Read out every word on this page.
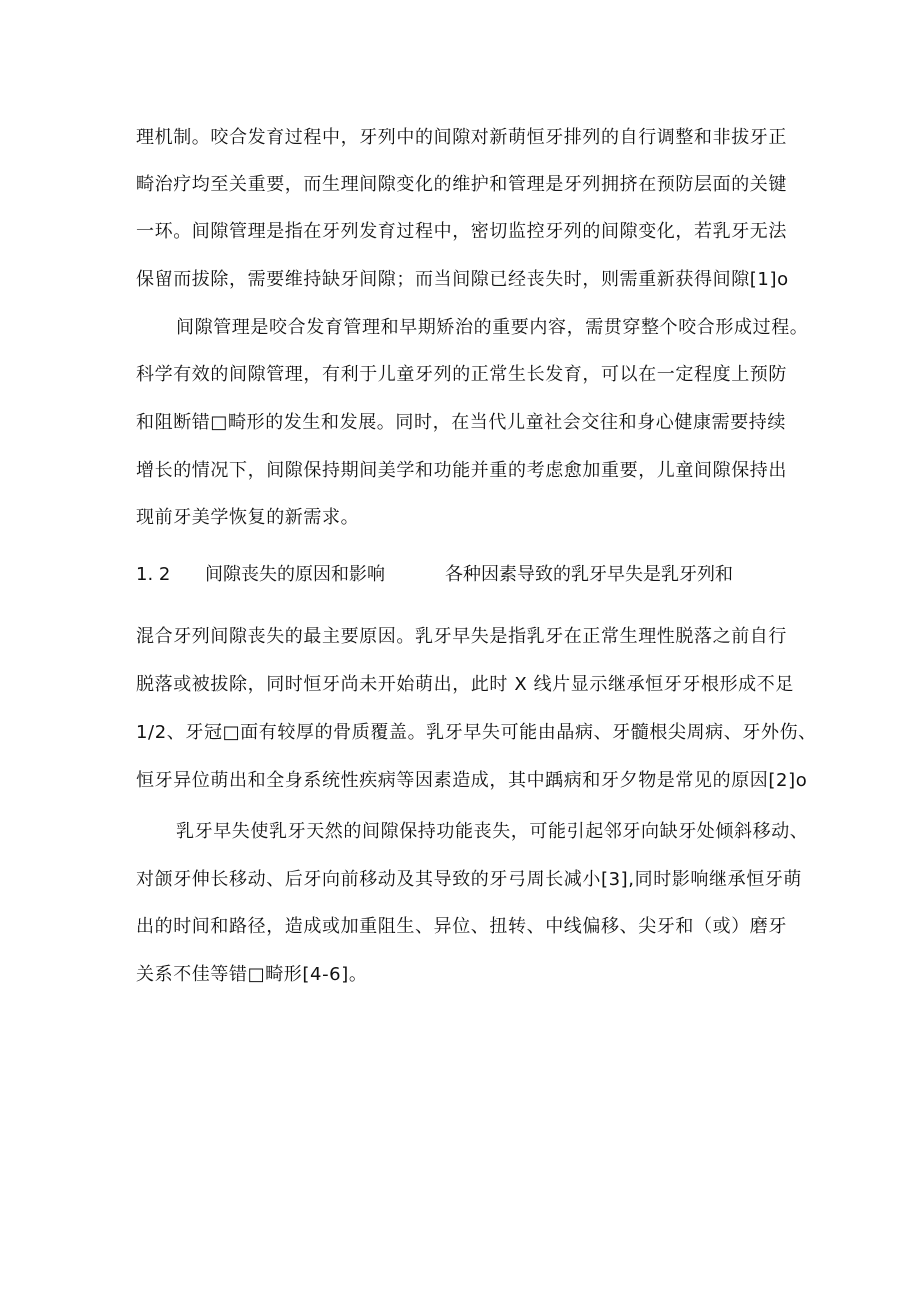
理机制。咬合发育过程中，牙列中的间隙对新萌恒牙排列的自行调整和非拔牙正
畸治疗均至关重要，而生理间隙变化的维护和管理是牙列拥挤在预防层面的关键
一环。间隙管理是指在牙列发育过程中，密切监控牙列的间隙变化，若乳牙无法
保留而拔除，需要维持缺牙间隙；而当间隙已经丧失时，则需重新获得间隙[1]o
间隙管理是咬合发育管理和早期矫治的重要内容，需贯穿整个咬合形成过程。
科学有效的间隙管理，有利于儿童牙列的正常生长发育，可以在一定程度上预防
和阻断错□畸形的发生和发展。同时，在当代儿童社会交往和身心健康需要持续
增长的情况下，间隙保持期间美学和功能并重的考虑愈加重要，儿童间隙保持出
现前牙美学恢复的新需求。
1. 2 间隙丧失的原因和影响	各种因素导致的乳牙早失是乳牙列和
混合牙列间隙丧失的最主要原因。乳牙早失是指乳牙在正常生理性脱落之前自行
脱落或被拔除，同时恒牙尚未开始萌出，此时 X 线片显示继承恒牙牙根形成不足
1/2、牙冠□面有较厚的骨质覆盖。乳牙早失可能由晶病、牙髓根尖周病、牙外伤、
恒牙异位萌出和全身系统性疾病等因素造成，其中踽病和牙夕物是常见的原因[2]o
乳牙早失使乳牙天然的间隙保持功能丧失，可能引起邻牙向缺牙处倾斜移动、
对颌牙伸长移动、后牙向前移动及其导致的牙弓周长减小[3],同时影响继承恒牙萌
出的时间和路径，造成或加重阻生、异位、扭转、中线偏移、尖牙和（或）磨牙
关系不佳等错□畸形[4-6]。
